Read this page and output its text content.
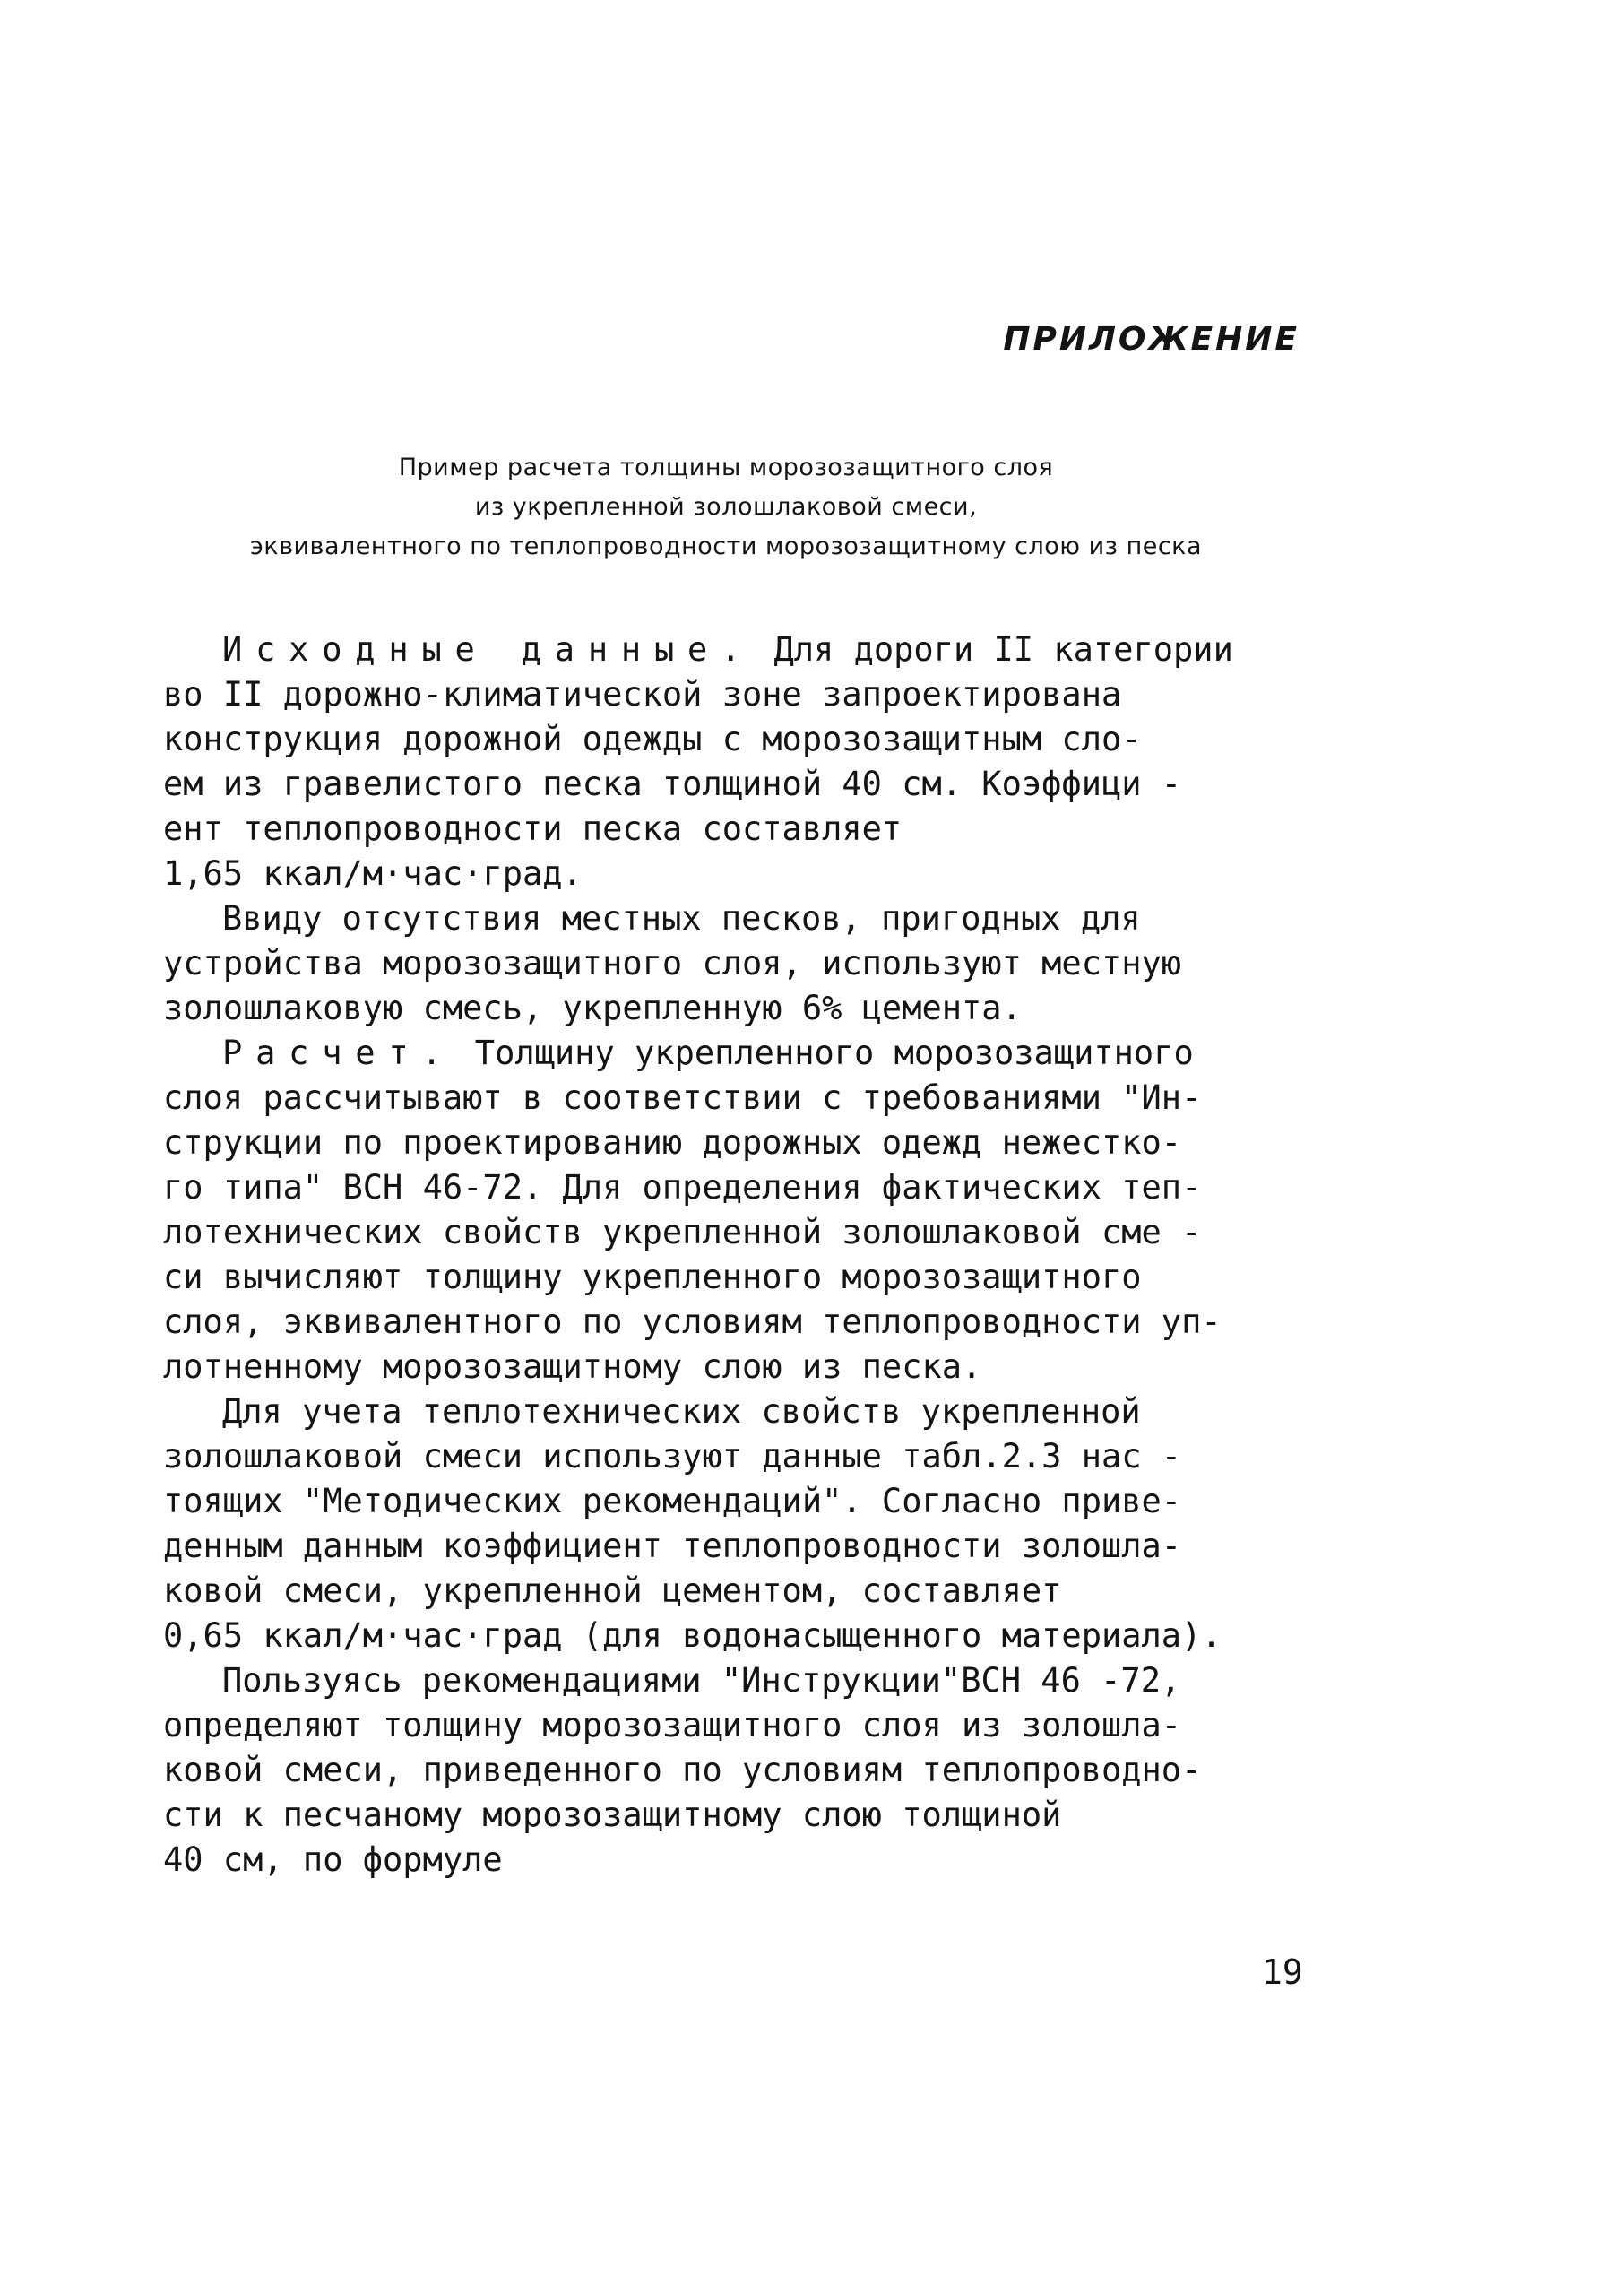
ПРИЛОЖЕНИЕ
Пример расчета толщины морозозащитного слоя
из укрепленной золошлаковой смеси,
эквивалентного по теплопроводности морозозащитному слою из песка
Исходные данные. Для дороги II категории
во II дорожно-климатической зоне запроектирована
конструкция дорожной одежды с морозозащитным сло-
ем из гравелистого песка толщиной 40 см. Коэффици -
ент теплопроводности песка составляет
1,65 ккал/м·час·град.
Ввиду отсутствия местных песков, пригодных для
устройства морозозащитного слоя, используют местную
золошлаковую смесь, укрепленную 6% цемента.
Расчет. Толщину укрепленного морозозащитного
слоя рассчитывают в соответствии с требованиями "Ин-
струкции по проектированию дорожных одежд нежестко-
го типа" ВСН 46-72. Для определения фактических теп-
лотехнических свойств укрепленной золошлаковой сме -
си вычисляют толщину укрепленного морозозащитного
слоя, эквивалентного по условиям теплопроводности уп-
лотненному морозозащитному слою из песка.
Для учета теплотехнических свойств укрепленной
золошлаковой смеси используют данные табл.2.3 нас -
тоящих "Методических рекомендаций". Согласно приве-
денным данным коэффициент теплопроводности золошла-
ковой смеси, укрепленной цементом, составляет
0,65 ккал/м·час·град (для водонасыщенного материала).
Пользуясь рекомендациями "Инструкции"ВСН 46 -72,
определяют толщину морозозащитного слоя из золошла-
ковой смеси, приведенного по условиям теплопроводно-
сти к песчаному морозозащитному слою толщиной
40 см, по формуле
19
